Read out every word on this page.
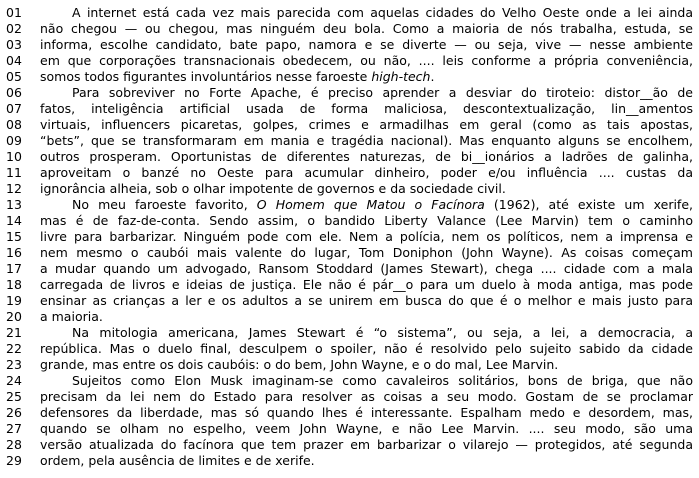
01	A internet está cada vez mais parecida com aquelas cidades do Velho Oeste onde a lei ainda
02	não chegou — ou chegou, mas ninguém deu bola. Como a maioria de nós trabalha, estuda, se
03	informa, escolhe candidato, bate papo, namora e se diverte — ou seja, vive — nesse ambiente
04	em que corporações transnacionais obedecem, ou não, .... leis conforme a própria conveniência,
05	somos todos figurantes involuntários nesse faroeste high-tech.
06	Para sobreviver no Forte Apache, é preciso aprender a desviar do tiroteio: distor__ão de
07	fatos, inteligência artificial usada de forma maliciosa, descontextualização, lin__amentos
08	virtuais, influencers picaretas, golpes, crimes e armadilhas em geral (como as tais apostas,
09	“bets”, que se transformaram em mania e tragédia nacional). Mas enquanto alguns se encolhem,
10	outros prosperam. Oportunistas de diferentes naturezas, de bi__ionários a ladrões de galinha,
11	aproveitam o banzé no Oeste para acumular dinheiro, poder e/ou influência .... custas da
12	ignorância alheia, sob o olhar impotente de governos e da sociedade civil.
13	No meu faroeste favorito, O Homem que Matou o Facínora (1962), até existe um xerife,
14	mas é de faz-de-conta. Sendo assim, o bandido Liberty Valance (Lee Marvin) tem o caminho
15	livre para barbarizar. Ninguém pode com ele. Nem a polícia, nem os políticos, nem a imprensa e
16	nem mesmo o caubói mais valente do lugar, Tom Doniphon (John Wayne). As coisas começam
17	a mudar quando um advogado, Ransom Stoddard (James Stewart), chega .... cidade com a mala
18	carregada de livros e ideias de justiça. Ele não é pár__o para um duelo à moda antiga, mas pode
19	ensinar as crianças a ler e os adultos a se unirem em busca do que é o melhor e mais justo para
20	a maioria.
21	Na mitologia americana, James Stewart é “o sistema”, ou seja, a lei, a democracia, a
22	república. Mas o duelo final, desculpem o spoiler, não é resolvido pelo sujeito sabido da cidade
23	grande, mas entre os dois caubóis: o do bem, John Wayne, e o do mal, Lee Marvin.
24	Sujeitos como Elon Musk imaginam-se como cavaleiros solitários, bons de briga, que não
25	precisam da lei nem do Estado para resolver as coisas a seu modo. Gostam de se proclamar
26	defensores da liberdade, mas só quando lhes é interessante. Espalham medo e desordem, mas,
27	quando se olham no espelho, veem John Wayne, e não Lee Marvin. .... seu modo, são uma
28	versão atualizada do facínora que tem prazer em barbarizar o vilarejo — protegidos, até segunda
29	ordem, pela ausência de limites e de xerife.
